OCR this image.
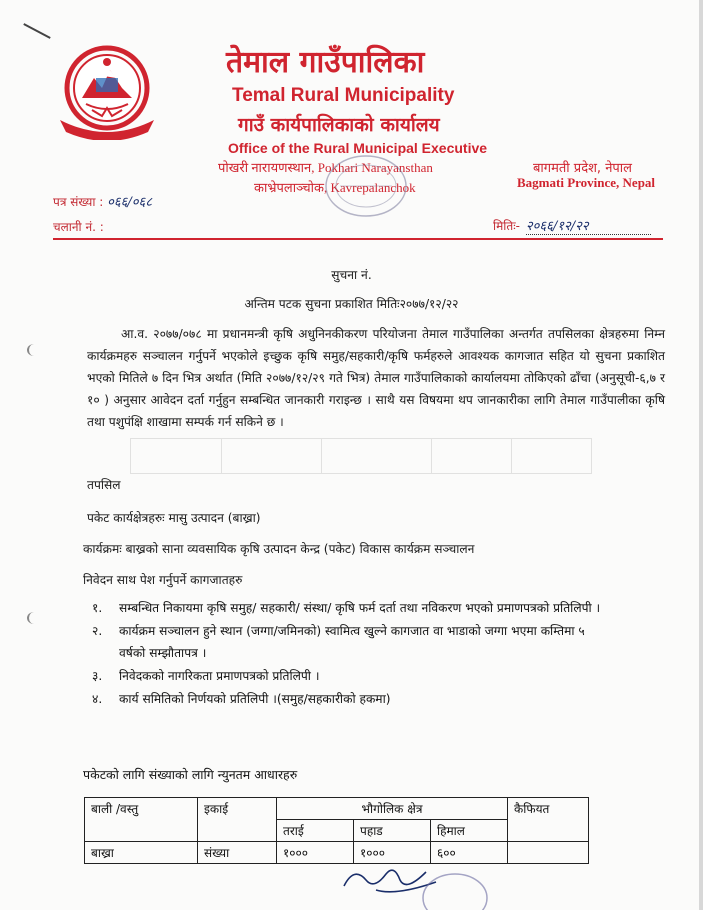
तेमाल गाउँपालिका
Temal Rural Municipality
गाउँ कार्यपालिकाको कार्यालय
Office of the Rural Municipal Executive
पोखरी नारायणस्थान, Pokhari Narayansthan
काभ्रेपलाञ्चोक, Kavrepalanchok
बागमती प्रदेश, नेपाल
Bagmati Province, Nepal
पत्र संख्या : ०६६/०६८
चलानी नं. :	मितिः- २०६६/१२/२२
सुचना नं.
अन्तिम पटक सुचना प्रकाशित मितिः२०७७/१२/२२
आ.व. २०७७/०७८ मा प्रधानमन्त्री कृषि अधुनिनकीकरण परियोजना तेमाल गाउँपालिका अन्तर्गत तपसिलका क्षेत्रहरुमा निम्न कार्यक्रमहरु सञ्चालन गर्नुपर्ने भएकोले इच्छुक कृषि समुह/सहकारी/कृषि फर्महरुले आवश्यक कागजात सहित यो सुचना प्रकाशित भएको मितिले ७ दिन भित्र अर्थात (मिति २०७७/१२/२९ गते भित्र) तेमाल गाउँपालिकाको कार्यालयमा तोकिएको ढाँचा (अनुसूची-६,७ र १० ) अनुसार आवेदन दर्ता गर्नुहुन सम्बन्धित जानकारी गराइन्छ । साथै यस विषयमा थप जानकारीका लागि तेमाल गाउँपालीका कृषि तथा पशुपंक्षि शाखामा सम्पर्क गर्न सकिने छ ।
तपसिल
पकेट कार्यक्षेत्रहरुः मासु उत्पादन (बाख्रा)
कार्यक्रमः बाख्रको साना व्यवसायिक कृषि उत्पादन केन्द्र (पकेट) विकास कार्यक्रम सञ्चालन
निवेदन साथ पेश गर्नुपर्ने कागजातहरु
१. सम्बन्धित निकायमा कृषि समुह/ सहकारी/ संस्था/ कृषि फर्म दर्ता तथा नविकरण भएको प्रमाणपत्रको प्रतिलिपी ।
२. कार्यक्रम सञ्चालन हुने स्थान (जग्गा/जमिनको) स्वामित्व खुल्ने कागजात वा भाडाको जग्गा भएमा कम्तिमा ५ वर्षको सम्झौतापत्र ।
३. निवेदकको नागरिकता प्रमाणपत्रको प्रतिलिपी ।
४. कार्य समितिको निर्णयको प्रतिलिपी ।(समुह/सहकारीको हकमा)
पकेटको लागि संख्याको लागि न्युनतम आधारहरु
बाली /वस्तु	इकाई	भौगोलिक क्षेत्र			कैफियत
		तराई	पहाड	हिमाल	
बाख्रा	संख्या	१०००	१०००	६००	
